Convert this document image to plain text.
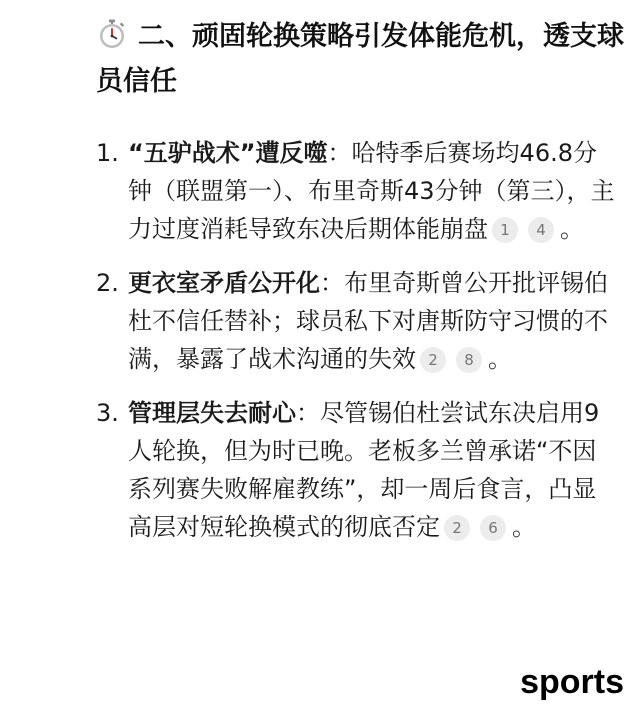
二、顽固轮换策略引发体能危机，透支球员信任
1. “五驴战术”遭反噬：哈特季后赛场均46.8分钟（联盟第一）、布里奇斯43分钟（第三），主力过度消耗导致东决后期体能崩盘 1 4 。
2. 更衣室矛盾公开化：布里奇斯曾公开批评锡伯杜不信任替补；球员私下对唐斯防守习惯的不满，暴露了战术沟通的失效 2 8 。
3. 管理层失去耐心：尽管锡伯杜尝试东决启用9人轮换，但为时已晚。老板多兰曾承诺“不因系列赛失败解雇教练”，却一周后食言，凸显高层对短轮换模式的彻底否定 2 6 。
sports
